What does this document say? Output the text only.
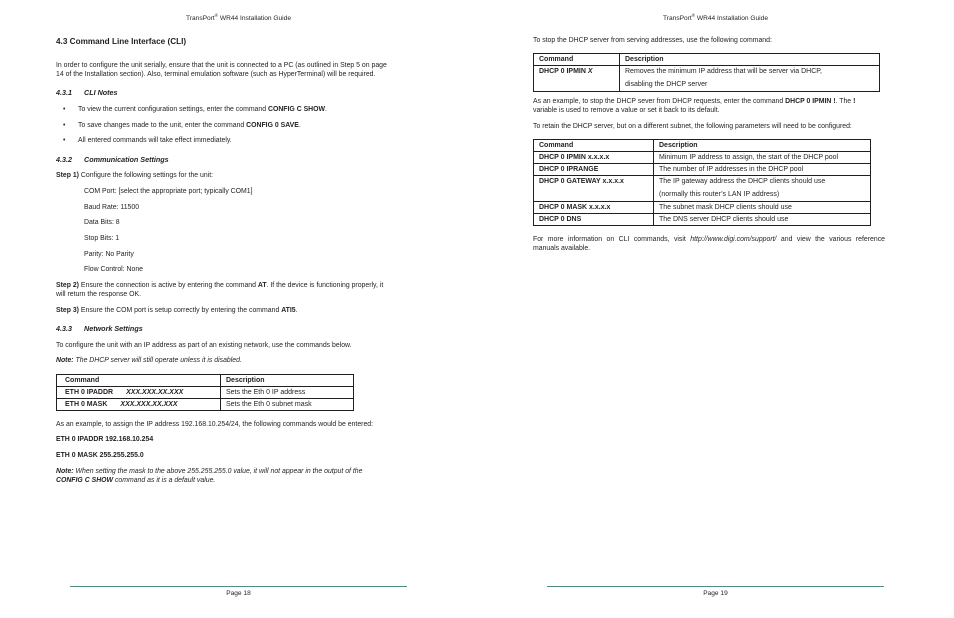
TransPort® WR44 Installation Guide
4.3 Command Line Interface (CLI)
In order to configure the unit serially, ensure that the unit is connected to a PC (as outlined in Step 5 on page
14 of the Installation section). Also, terminal emulation software (such as HyperTerminal) will be required.
4.3.1 CLI Notes
• To view the current configuration settings, enter the command CONFIG C SHOW.
• To save changes made to the unit, enter the command CONFIG 0 SAVE.
• All entered commands will take effect immediately.
4.3.2 Communication Settings
Step 1) Configure the following settings for the unit:
COM Port: [select the appropriate port; typically COM1]
Baud Rate: 11500
Data Bits: 8
Stop Bits: 1
Parity: No Parity
Flow Control: None
Step 2) Ensure the connection is active by entering the command AT. If the device is functioning properly, it
will return the response OK.
Step 3) Ensure the COM port is setup correctly by entering the command ATI5.
4.3.3 Network Settings
To configure the unit with an IP address as part of an existing network, use the commands below.
Note: The DHCP server will still operate unless it is disabled.
Command	Description
ETH 0 IPADDR XXX.XXX.XX.XXX	Sets the Eth 0 IP address
ETH 0 MASK XXX.XXX.XX.XXX	Sets the Eth 0 subnet mask
As an example, to assign the IP address 192.168.10.254/24, the following commands would be entered:
ETH 0 IPADDR 192.168.10.254
ETH 0 MASK 255.255.255.0
Note: When setting the mask to the above 255.255.255.0 value, it will not appear in the output of the
CONFIG C SHOW command as it is a default value.
Page 18
TransPort® WR44 Installation Guide
To stop the DHCP server from serving addresses, use the following command:
Command	Description
DHCP 0 IPMIN X	Removes the minimum IP address that will be server via DHCP,
disabling the DHCP server
As an example, to stop the DHCP sever from DHCP requests, enter the command DHCP 0 IPMIN !. The !
variable is used to remove a value or set it back to its default.
To retain the DHCP server, but on a different subnet, the following parameters will need to be configured:
Command	Description
DHCP 0 IPMIN x.x.x.x	Minimum IP address to assign, the start of the DHCP pool
DHCP 0 IPRANGE	The number of IP addresses in the DHCP pool
DHCP 0 GATEWAY x.x.x.x	The IP gateway address the DHCP clients should use
(normally this router’s LAN IP address)

DHCP 0 MASK x.x.x.x	The subnet mask DHCP clients should use
DHCP 0 DNS	The DNS server DHCP clients should use
For more information on CLI commands, visit http://www.digi.com/support/ and view the various reference
manuals available.
Page 19
